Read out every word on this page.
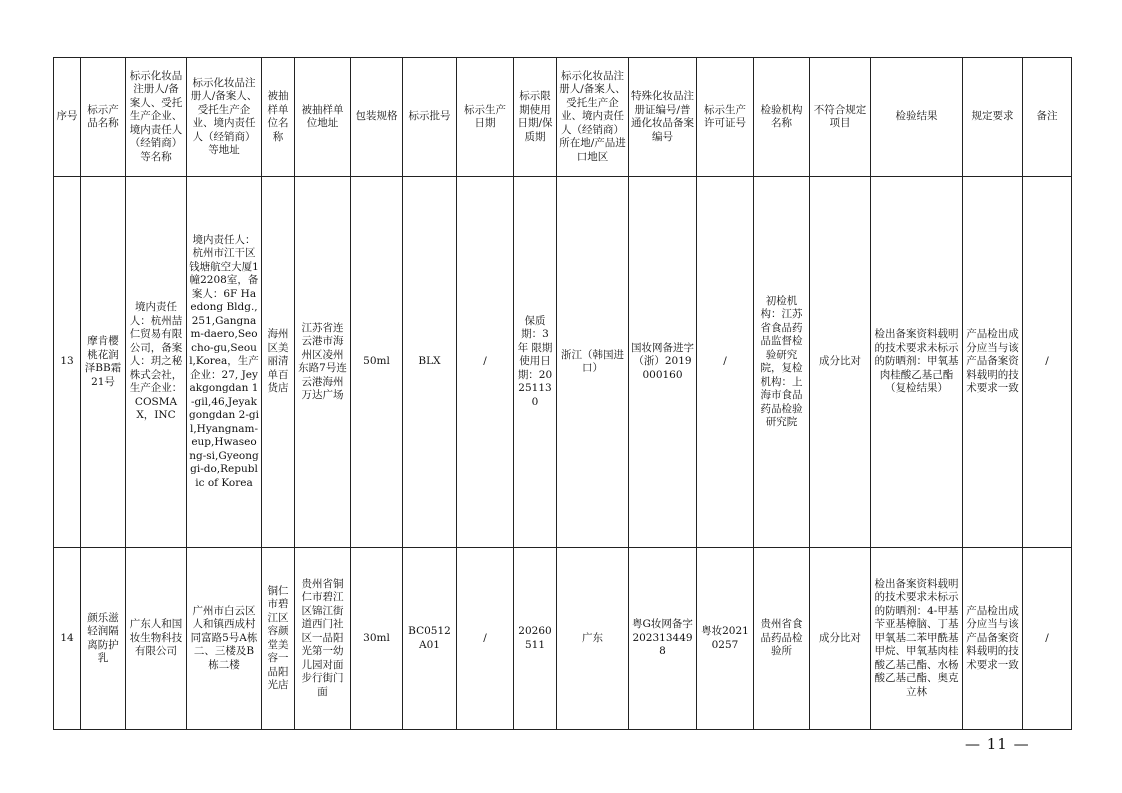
序号	标示产品名称	标示化妆品注册人/备案人、受托生产企业、境内责任人（经销商）等名称	标示化妆品注册人/备案人、受托生产企业、境内责任人（经销商）等地址	被抽样单位名称	被抽样单位地址	包装规格	标示批号	标示生产日期	标示限期使用日期/保质期	标示化妆品注册人/备案人、受托生产企业、境内责任人（经销商）所在地/产品进口地区	特殊化妆品注册证编号/普通化妆品备案编号	标示生产许可证号	检验机构名称	不符合规定项目	检验结果	规定要求	备注
13	摩肯樱桃花润泽BB霜21号	境内责任人：杭州喆仁贸易有限公司，备案人：玥之秘株式会社，生产企业：COSMAX，INC	境内责任人：杭州市江干区钱塘航空大厦1幢2208室，备案人：6F Haedong Bldg.,251,Gangnam-daero,Seocho-gu,Seoul,Korea，生产企业：27, Jeyakgongdan 1-gil,46,Jeyakgongdan 2-gil,Hyangnam-eup,Hwaseong-si,Gyeonggi-do,Republic of Korea	海州区美丽清单百货店	江苏省连云港市海州区凌州东路7号连云港海州万达广场	50ml	BLX	/	保质期：3年 限期使用日期：20251130	浙江（韩国进口）	国妆网备进字（浙）2019000160	/	初检机构：江苏省食品药品监督检验研究院，复检机构：上海市食品药品检验研究院	成分比对	检出备案资料载明的技术要求未标示的防晒剂：甲氧基肉桂酸乙基己酯（复检结果）	产品检出成分应当与该产品备案资料载明的技术要求一致	/
14	颜乐滋轻润隔离防护乳	广东人和国妆生物科技有限公司	广州市白云区人和镇西成村同富路5号A栋二、三楼及B栋二楼	铜仁市碧江区容颜堂美容一品阳光店	贵州省铜仁市碧江区锦江街道西门社区一品阳光第一幼儿园对面步行街门面	30ml	BC0512A01	/	20260511	广东	粤G妆网备字2023134498	粤妆20210257	贵州省食品药品检验所	成分比对	检出备案资料载明的技术要求未标示的防晒剂：4-甲基苄亚基樟脑、丁基甲氧基二苯甲酰基甲烷、甲氧基肉桂酸乙基己酯、水杨酸乙基己酯、奥克立林	产品检出成分应当与该产品备案资料载明的技术要求一致	/
— 11 —
